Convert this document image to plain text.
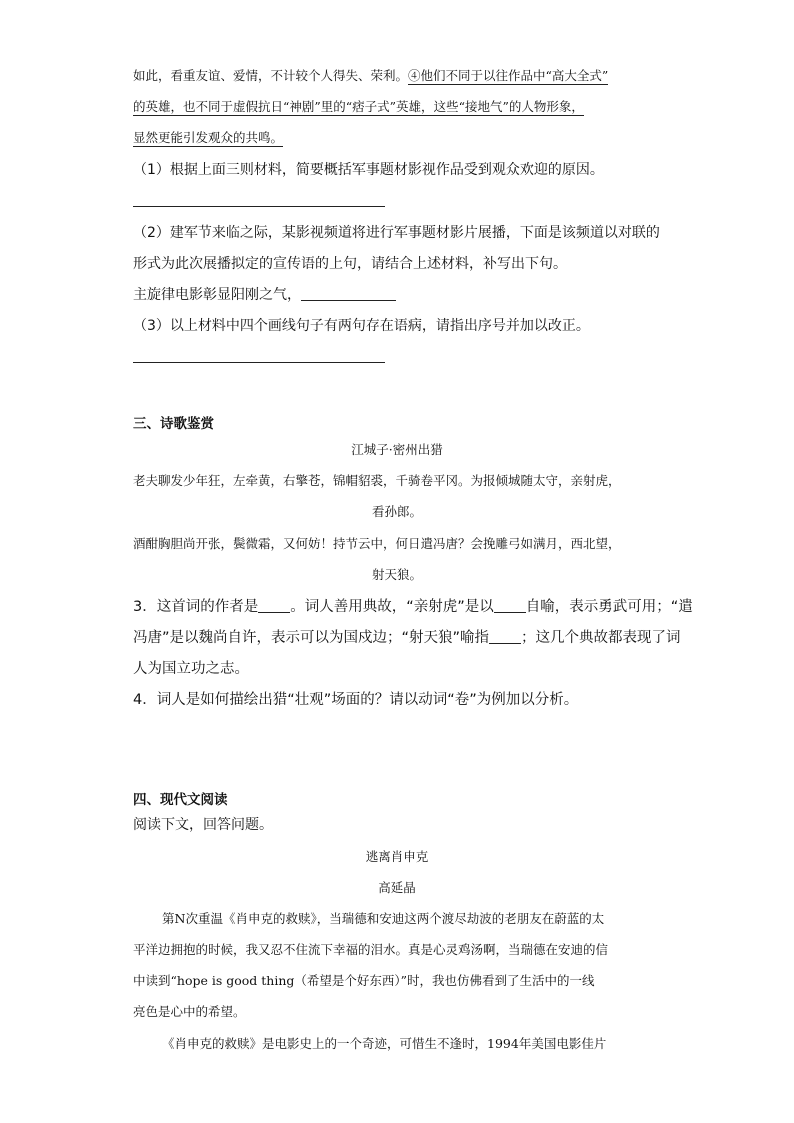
如此，看重友谊、爱情，不计较个人得失、荣利。④他们不同于以往作品中“高大全式”
的英雄，也不同于虚假抗日“神剧”里的“痞子式”英雄，这些“接地气”的人物形象，
显然更能引发观众的共鸣。
（1）根据上面三则材料，简要概括军事题材影视作品受到观众欢迎的原因。
（2）建军节来临之际，某影视频道将进行军事题材影片展播，下面是该频道以对联的
形式为此次展播拟定的宣传语的上句，请结合上述材料，补写出下句。
主旋律电影彰显阳刚之气，
（3）以上材料中四个画线句子有两句存在语病，请指出序号并加以改正。
三、诗歌鉴赏
江城子·密州出猎
老夫聊发少年狂，左牵黄，右擎苍，锦帽貂裘，千骑卷平冈。为报倾城随太守，亲射虎，
看孙郎。
酒酣胸胆尚开张，鬓微霜，又何妨！持节云中，何日遣冯唐？会挽雕弓如满月，西北望，
射天狼。
3．这首词的作者是 。词人善用典故，“亲射虎”是以 自喻，表示勇武可用；“遣
冯唐”是以魏尚自许，表示可以为国戍边；“射天狼”喻指 ；这几个典故都表现了词
人为国立功之志。
4．词人是如何描绘出猎“壮观”场面的？请以动词“卷”为例加以分析。
四、现代文阅读
阅读下文，回答问题。
逃离肖申克
高延晶
第N次重温《肖申克的救赎》，当瑞德和安迪这两个渡尽劫波的老朋友在蔚蓝的太
平洋边拥抱的时候，我又忍不住流下幸福的泪水。真是心灵鸡汤啊，当瑞德在安迪的信
中读到“hope is good thing（希望是个好东西）”时，我也仿佛看到了生活中的一线
亮色是心中的希望。
《肖申克的救赎》是电影史上的一个奇迹，可惜生不逢时，1994年美国电影佳片
